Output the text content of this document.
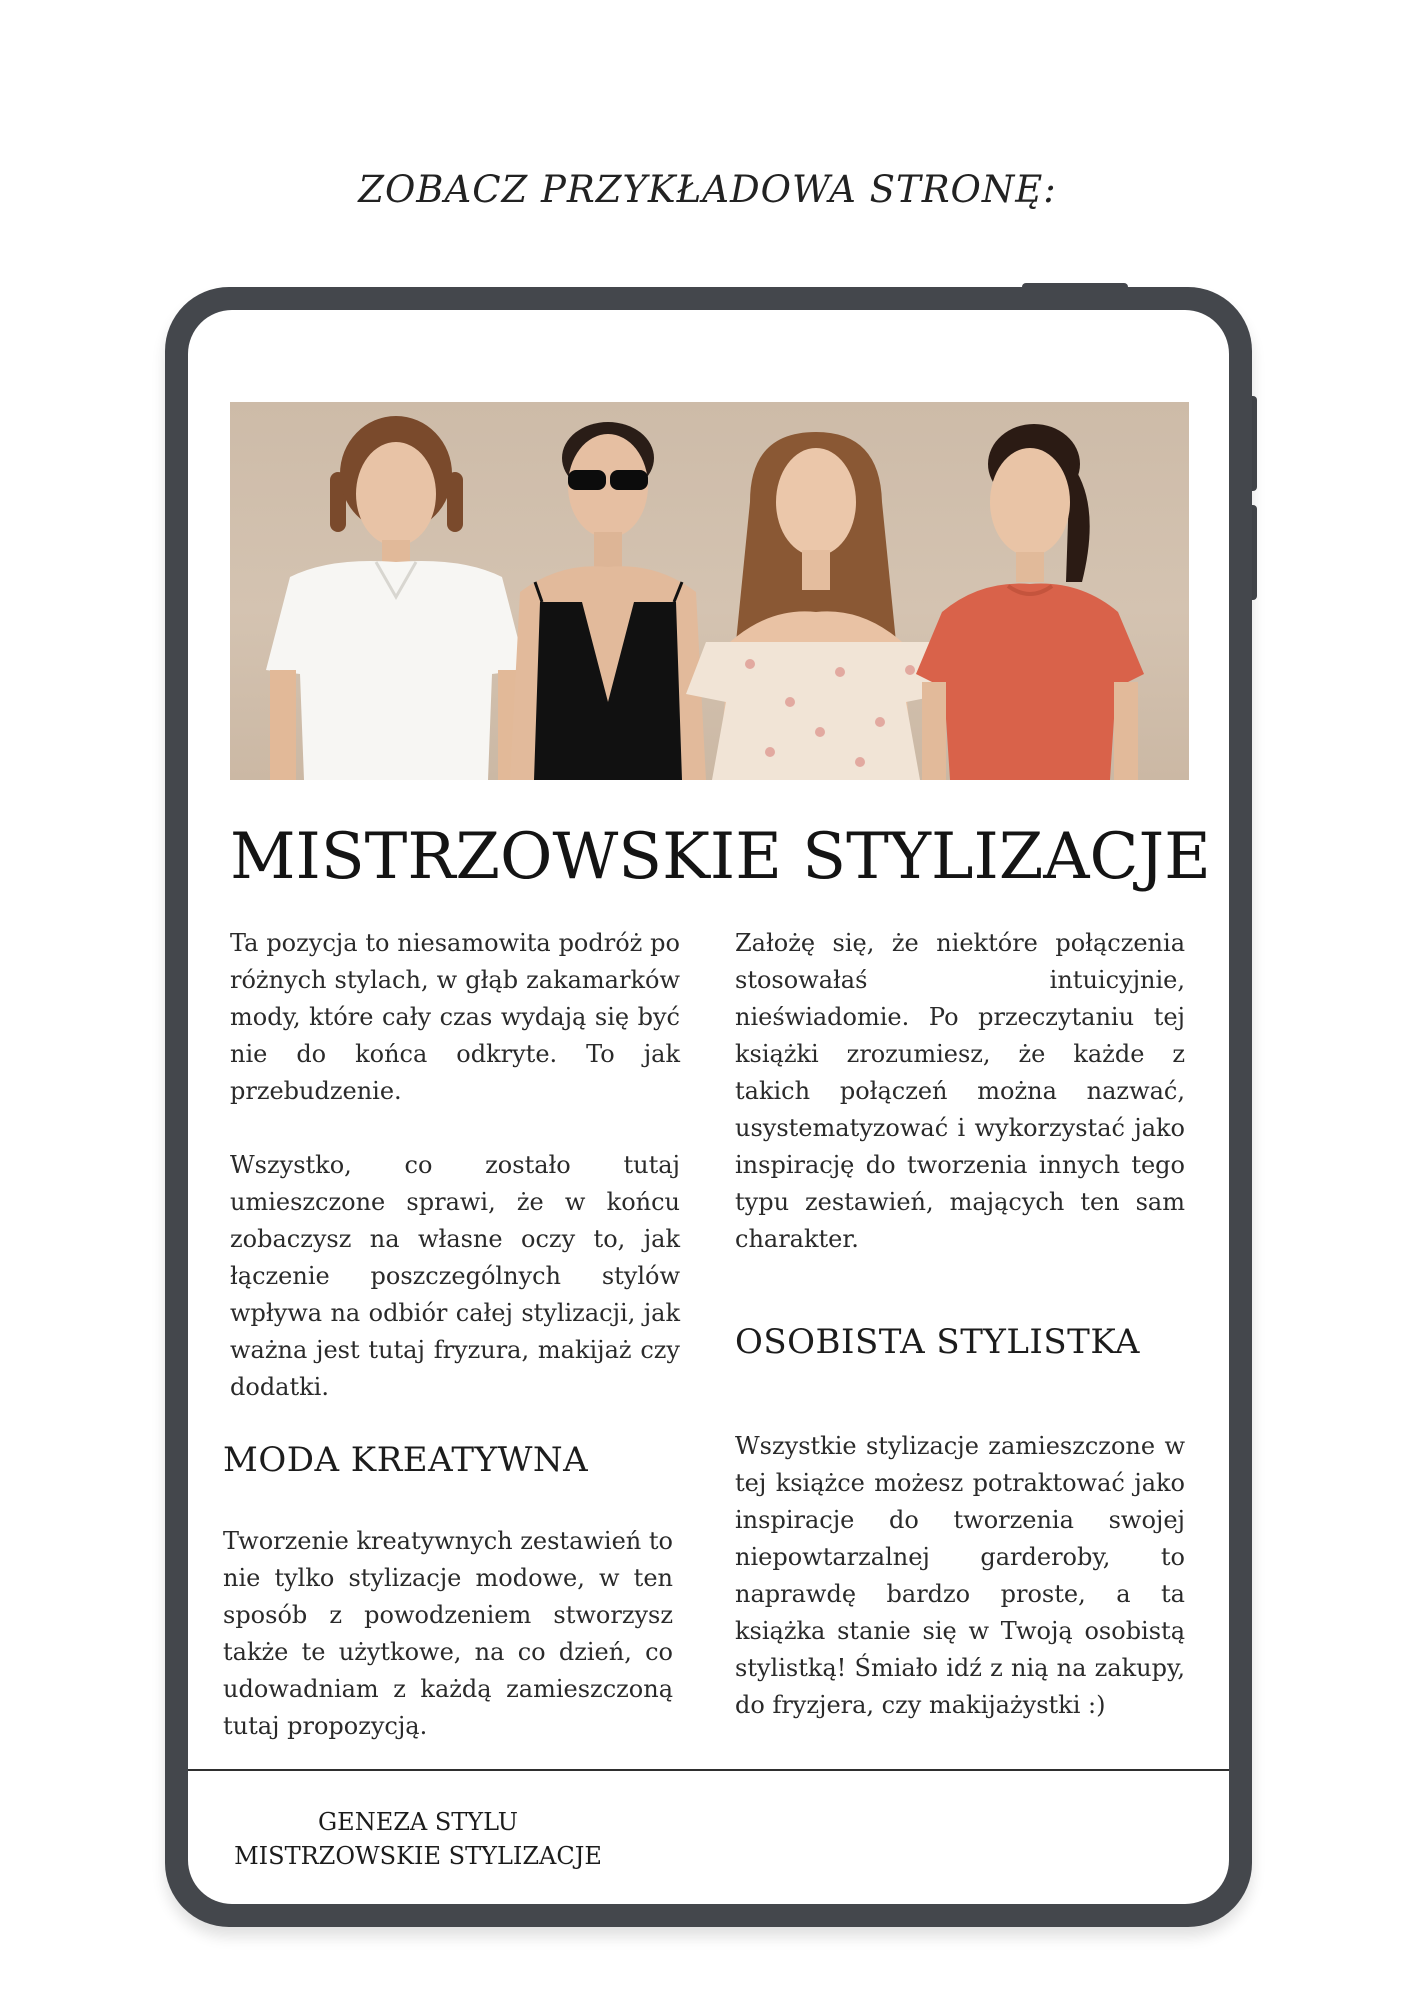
ZOBACZ PRZYKŁADOWA STRONĘ:
MISTRZOWSKIE STYLIZACJE

Ta pozycja to niesamowita podróż po różnych stylach, w głąb zakamarków mody, które cały czas wydają się być nie do końca odkryte. To jak przebudzenie.

Wszystko, co zostało tutaj umieszczone sprawi, że w końcu zobaczysz na własne oczy to, jak łączenie poszczególnych stylów wpływa na odbiór całej stylizacji, jak ważna jest tutaj fryzura, makijaż czy dodatki.

MODA KREATYWNA

Tworzenie kreatywnych zestawień to nie tylko stylizacje modowe, w ten sposób z powodzeniem stworzysz także te użytkowe, na co dzień, co udowadniam z każdą zamieszczoną tutaj propozycją.

Założę się, że niektóre połączenia stosowałaś intuicyjnie, nieświadomie. Po przeczytaniu tej książki zrozumiesz, że każde z takich połączeń można nazwać, usystematyzować i wykorzystać jako inspirację do tworzenia innych tego typu zestawień, mających ten sam charakter.

OSOBISTA STYLISTKA

Wszystkie stylizacje zamieszczone w tej książce możesz potraktować jako inspiracje do tworzenia swojej niepowtarzalnej garderoby, to naprawdę bardzo proste, a ta książka stanie się w Twoją osobistą stylistką! Śmiało idź z nią na zakupy, do fryzjera, czy makijażystki :)

GENEZA STYLU
MISTRZOWSKIE STYLIZACJE
